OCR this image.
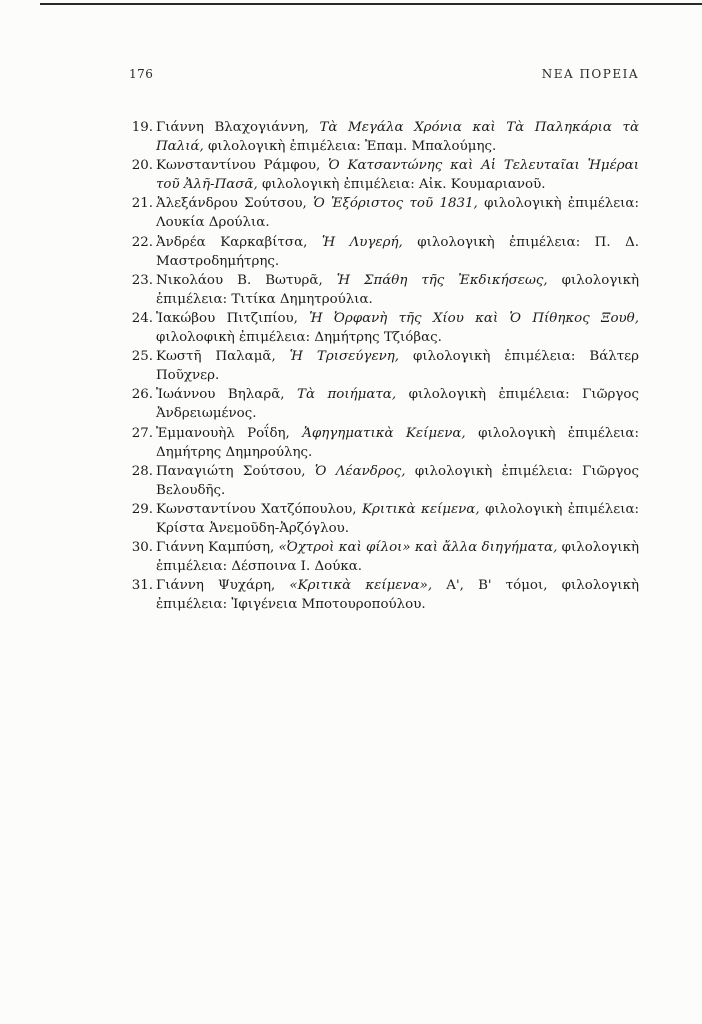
176	ΝΕΑ ΠΟΡΕΙΑ
19 . Γιάννη Βλαχογιάννη, Τὰ Μεγάλα Χρόνια καὶ Τὰ Παληκάρια τὰ Παλιά, φιλολογικὴ ἐπιμέλεια: Ἐπαμ. Μπαλούμης.
20 . Κωνσταντίνου Ράμφου, Ὁ Κατσαντώνης καὶ Αἱ Τελευταῖαι Ἡμέραι τοῦ Ἀλῆ-Πασᾶ, φιλολογικὴ ἐπιμέλεια: Αἰκ. Κουμαριανοῦ.
21 . Ἀλεξάνδρου Σούτσου, Ὁ Ἐξόριστος τοῦ 1831, φιλολογικὴ ἐπιμέλεια: Λουκία Δρούλια.
22 . Ἀνδρέα Καρκαβίτσα, Ἡ Λυγερή, φιλολογικὴ ἐπιμέλεια: Π. Δ. Μαστροδημήτρης.
23 . Νικολάου Β. Βωτυρᾶ, Ἡ Σπάθη τῆς Ἐκδικήσεως, φιλολογικὴ ἐπιμέλεια: Τιτίκα Δημητρούλια.
24 . Ἰακώβου Πιτζιπίου, Ἡ Ὀρφανὴ τῆς Χίου καὶ Ὁ Πίθηκος Ξουθ, φιλολοφικὴ ἐπιμέλεια: Δημήτρης Τζιόβας.
25 . Κωστῆ Παλαμᾶ, Ἡ Τρισεύγενη, φιλολογικὴ ἐπιμέλεια: Βάλτερ Ποῦχνερ.
26 . Ἰωάννου Βηλαρᾶ, Τὰ ποιήματα, φιλολογικὴ ἐπιμέλεια: Γιῶργος Ἀνδρειωμένος.
27 . Ἐμμανουὴλ Ροΐδη, Ἀφηγηματικὰ Κείμενα, φιλολογικὴ ἐπιμέλεια: Δημήτρης Δημηρούλης.
28 . Παναγιώτη Σούτσου, Ὁ Λέανδρος, φιλολογικὴ ἐπιμέλεια: Γιῶργος Βελουδῆς.
29 . Κωνσταντίνου Χατζόπουλου, Κριτικὰ κείμενα, φιλολογικὴ ἐπιμέλεια: Κρίστα Ἀνεμοῦδη-Ἀρζόγλου.
30 . Γιάννη Καμπύση, «Ὀχτροὶ καὶ φίλοι» καὶ ἄλλα διηγήματα, φιλολογικὴ ἐπιμέλεια: Δέσποινα Ι. Δούκα.
31 . Γιάννη Ψυχάρη, «Κριτικὰ κείμενα», Α', Β' τόμοι, φιλολογικὴ ἐπιμέλεια: Ἰφιγένεια Μποτουροπούλου.
